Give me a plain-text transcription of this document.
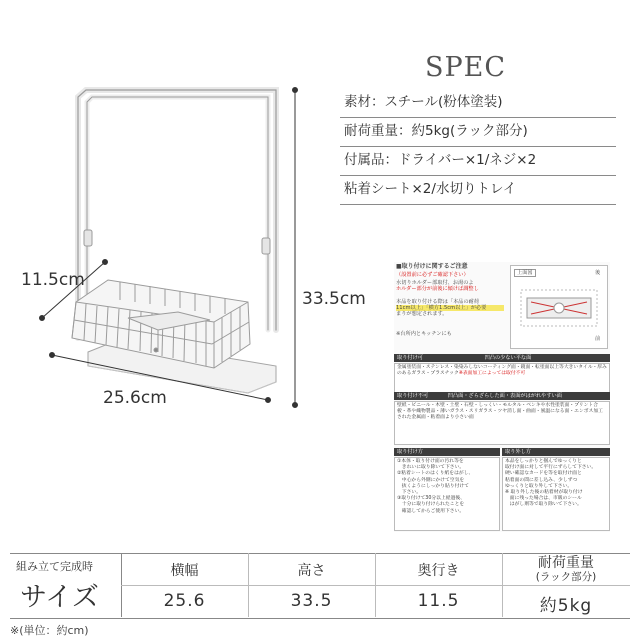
11.5cm
33.5cm
25.6cm
SPEC
素材：スチール(粉体塗装)
耐荷重量：約5kg(ラック部分)
付属品：ドライバー×1/ネジ×2
粘着シート×2/水切りトレイ
■取り付けに関するご注意
（設置前に必ずご確認下さい）
水切りホルダー部取付、お湯のよ
ホルダー部分が前後に傾けば調整し
本品を取り付ける際は「本品の耐荷
11cm以上」「横方1.5cm以上」が必要
まりが想定されます。
※台所内とキッチンにも
上面図	後
前
取り付け可	凹凸の少ない平な面
金属塗装面・ステンレス・染染みしないコーティング面・鏡面・転塗面以上等大きいタイル・厚みのあるガラス・プラスチック※表面加工によっては取付不可
取り付け不可	凹凸面・ざらざらした面・表面がはがれやすい面
壁紙・ビニール・木壁・土壁・石壁・しっくい・モルタル・ベンキや水性塗装面・プリント合板・革や織物製品・薄いガラス・スリガラス・ツヤ消し面・曲面・風温になる面・エンボス加工された金属面・粘着面より小さい面
取り付け方
①本体・取り付け面の汚れ等を
　きれいに取り除いて下さい。
②粘着シートのはくり紙をはがし、
　中心から外側にかけて空気を
　抜くようにしっかり貼り付けて
　下さい。
③取り付けて30分以上経過後、
　十分に取り付けられたことを
　確認してからご使用下さい。
取り外し方
本品をしっかりと掴んでゆっくりと
取付け面に対して平行にずらして下さい。
硬い確認なカードを等を取付け面と
粘着面の間に差し込み、少しずつ
ゆっくりと取り外して下さい。
※ 取り外した後の粘着材が取り付け
　面に残った場合は、市販のシール
　はがし剤等で取り除いて下さい。
組み立て完成時
サイズ
横幅	高さ	奥行き	耐荷重量
(ラック部分)
25.6	33.5	11.5	約5kg
※(単位：約cm)
